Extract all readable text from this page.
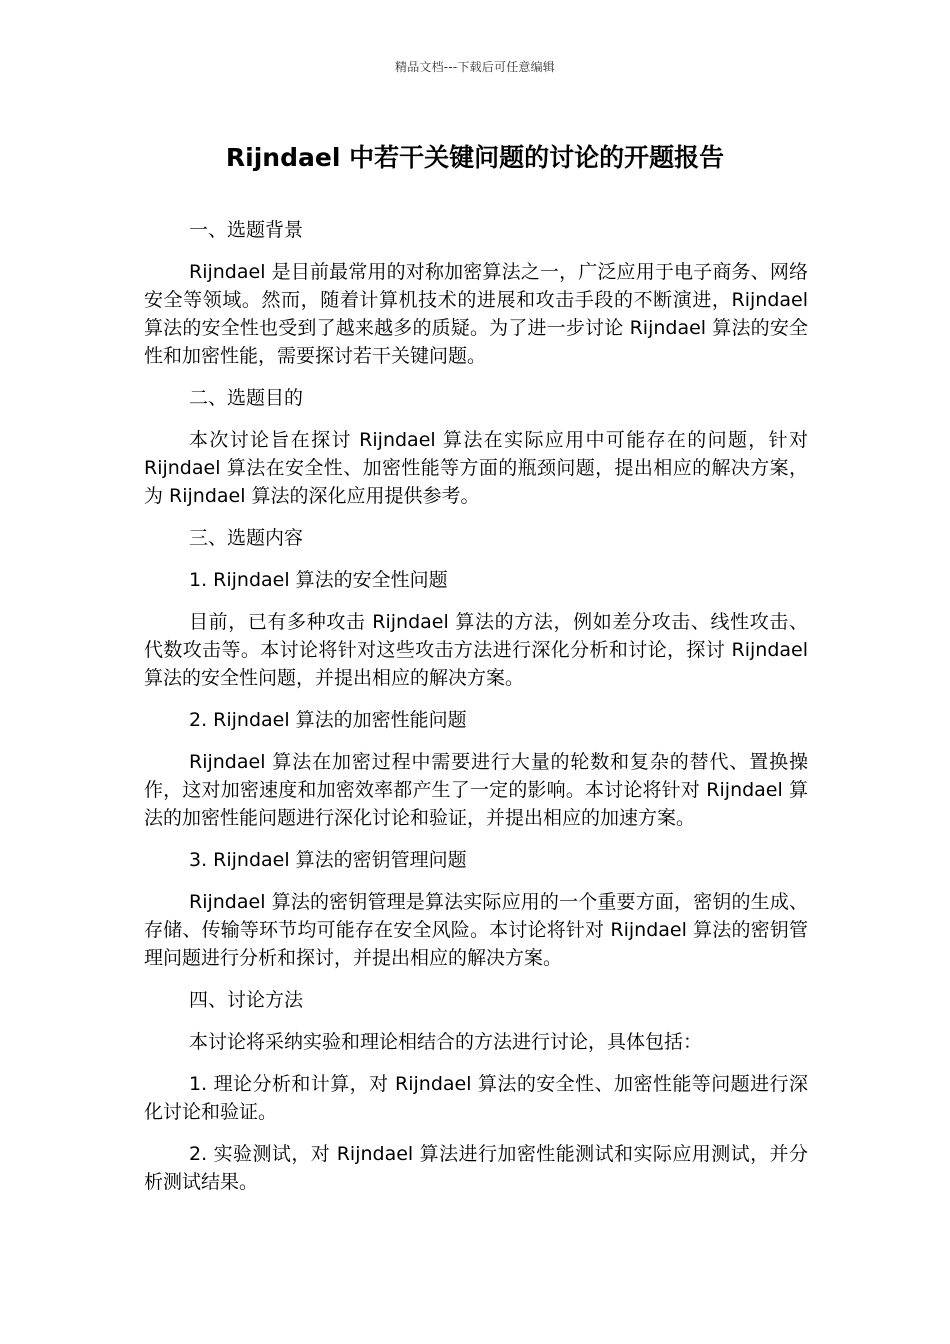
精品文档---下载后可任意编辑
Rijndael 中若干关键问题的讨论的开题报告
一、选题背景

Rijndael 是目前最常用的对称加密算法之一，广泛应用于电子商务、网络安全等领域。然而，随着计算机技术的进展和攻击手段的不断演进，Rijndael 算法的安全性也受到了越来越多的质疑。为了进一步讨论 Rijndael 算法的安全性和加密性能，需要探讨若干关键问题。

二、选题目的

本次讨论旨在探讨 Rijndael 算法在实际应用中可能存在的问题，针对 Rijndael 算法在安全性、加密性能等方面的瓶颈问题，提出相应的解决方案，为 Rijndael 算法的深化应用提供参考。

三、选题内容
1. Rijndael 算法的安全性问题

目前，已有多种攻击 Rijndael 算法的方法，例如差分攻击、线性攻击、代数攻击等。本讨论将针对这些攻击方法进行深化分析和讨论，探讨 Rijndael 算法的安全性问题，并提出相应的解决方案。

2. Rijndael 算法的加密性能问题

Rijndael 算法在加密过程中需要进行大量的轮数和复杂的替代、置换操作，这对加密速度和加密效率都产生了一定的影响。本讨论将针对 Rijndael 算法的加密性能问题进行深化讨论和验证，并提出相应的加速方案。

3. Rijndael 算法的密钥管理问题

Rijndael 算法的密钥管理是算法实际应用的一个重要方面，密钥的生成、存储、传输等环节均可能存在安全风险。本讨论将针对 Rijndael 算法的密钥管理问题进行分析和探讨，并提出相应的解决方案。

四、讨论方法

本讨论将采纳实验和理论相结合的方法进行讨论，具体包括：

1. 理论分析和计算，对 Rijndael 算法的安全性、加密性能等问题进行深化讨论和验证。

2. 实验测试，对 Rijndael 算法进行加密性能测试和实际应用测试，并分析测试结果。
